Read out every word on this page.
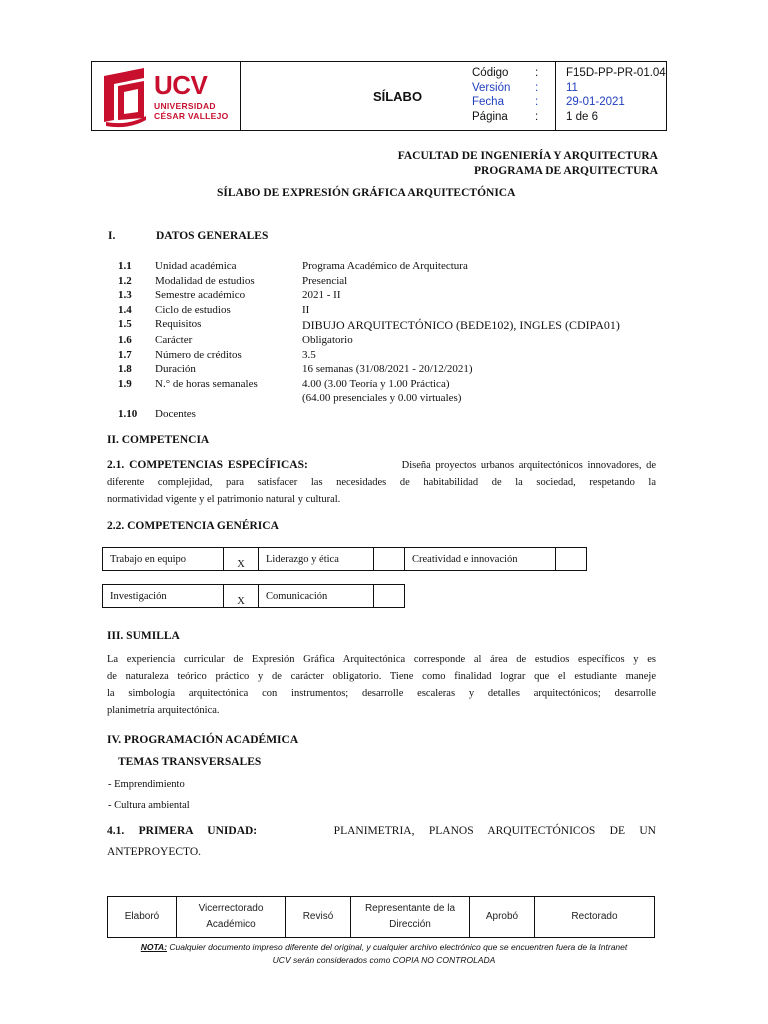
UCV
UNIVERSIDAD
CÉSAR VALLEJO
SÍLABO
Código : F15D-PP-PR-01.04
Versión : 11
Fecha	: 29-01-2021
Página : 1 de 6
FACULTAD DE INGENIERÍA Y ARQUITECTURA
PROGRAMA DE ARQUITECTURA
SÍLABO DE EXPRESIÓN GRÁFICA ARQUITECTÓNICA
I.	DATOS GENERALES
1.1 Unidad académica	Programa Académico de Arquitectura
1.2 Modalidad de estudios	Presencial
1.3 Semestre académico	2021 - II
1.4 Ciclo de estudios	II
1.5 Requisitos	DIBUJO ARQUITECTÓNICO (BEDE102), INGLES (CDIPA01)
1.6 Carácter	Obligatorio
1.7 Número de créditos	3.5
1.8 Duración	16 semanas (31/08/2021 - 20/12/2021)
1.9 N.° de horas semanales	4.00 (3.00 Teoría y 1.00 Práctica)
(64.00 presenciales y 0.00 virtuales)
1.10 Docentes
II. COMPETENCIA
2.1. COMPETENCIAS ESPECÍFICAS:	Diseña proyectos urbanos arquitectónicos innovadores, de
diferente complejidad, para satisfacer las necesidades de habitabilidad de la sociedad, respetando la
normatividad vigente y el patrimonio natural y cultural.
2.2. COMPETENCIA GENÉRICA
Trabajo en equipo	X	Liderazgo y ética		Creatividad e innovación	
Investigación	X	Comunicación	
III. SUMILLA
La experiencia curricular de Expresión Gráfica Arquitectónica corresponde al área de estudios específicos y es
de naturaleza teórico práctico y de carácter obligatorio. Tiene como finalidad lograr que el estudiante maneje
la simbología arquitectónica con instrumentos; desarrolle escaleras y detalles arquitectónicos; desarrolle
planimetría arquitectónica.
IV. PROGRAMACIÓN ACADÉMICA
TEMAS TRANSVERSALES
- Emprendimiento
- Cultura ambiental
4.1.     PRIMERA     UNIDAD:	PLANIMETRIA,     PLANOS     ARQUITECTÓNICOS     DE     UN
ANTEPROYECTO.
Elaboró	Vicerrectorado Académico	Revisó	Representante de la Dirección	Aprobó	Rectorado
NOTA: Cualquier documento impreso diferente del original, y cualquier archivo electrónico que se encuentren fuera de la Intranet
UCV serán considerados como COPIA NO CONTROLADA
